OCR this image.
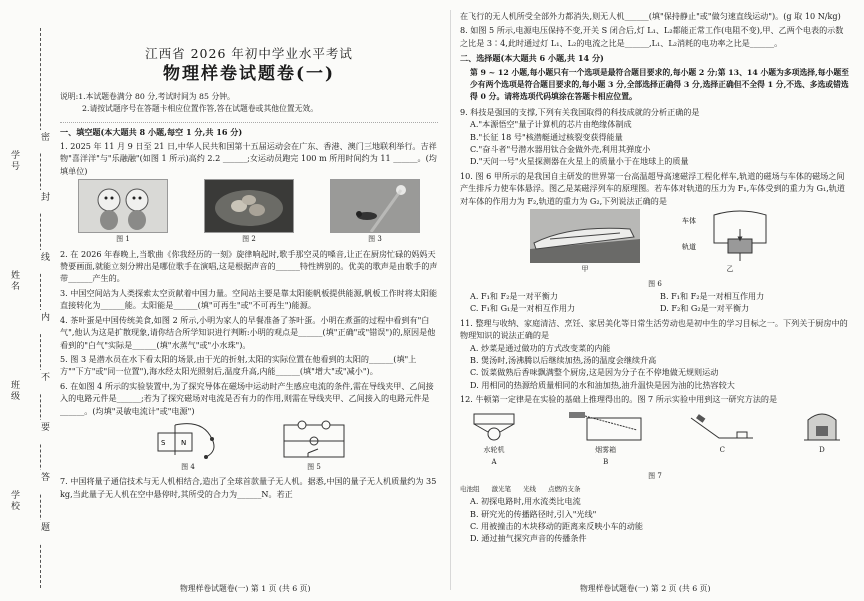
学号
姓名
班级
学校
密
封
线
内
不
要
答
题
江西省 2026 年初中学业水平考试
物理样卷试题卷(一)

说明:1.本试题卷满分 80 分,考试时间为 85 分钟。

2.请按试题序号在答题卡相应位置作答,答在试题卷或其他位置无效。

一、填空题(本大题共 8 小题,每空 1 分,共 16 分)

1. 2025 年 11 月 9 日至 21 日,中华人民共和国第十五届运动会在广东、香港、澳门三地联利举行。吉祥物"喜洋洋"与"乐融融"(如图 1 所示)高约 2.2 ______;女运动员跑完 100 m 所用时间约为 11 ______。(均填单位)

图 1	图 2	图 3

2. 在 2026 年春晚上,当歌曲《你我经历的一刻》旋律响起时,歌手那空灵的嗓音,让正在厨房忙碌的妈妈天赞要画面,就能立刻分辨出是哪位歌手在演唱,这是根据声音的______特性辨别的。优美的歌声是由歌手的声带______产生的。

3. 中国空间站为人类探索太空贡献着中国力量。空间站主要是靠太阳能帆板提供能源,帆板工作时将太阳能直接转化为______能。太阳能是______(填"可再生"或"不可再生")能源。

4. 茶叶蛋是中国传统美食,如图 2 所示,小明为家人的早餐准备了茶叶蛋。小明在煮蛋的过程中看到有"白气",他认为这是扩散现象,请你结合所学知识进行判断:小明的观点是______(填"正确"或"错误")的,原因是他看到的"白气"实际是______(填"水蒸气"或"小水珠")。

5. 图 3 是潜水员在水下看太阳的场景,由于光的折射,太阳的实际位置在他看到的太阳的______(填"上方""下方"或"同一位置"),海水经太阳光照射后,温度升高,内能______(填"增大"或"减小")。

6. 在如图 4 所示的实验装置中,为了探究导体在磁场中运动时产生感应电流的条件,需在导线夹甲、乙间接入的电路元件是______;若为了探究磁场对电流是否有力的作用,则需在导线夹甲、乙间接入的电路元件是______。(均填"灵敏电流计"或"电源")

S N
图 4	图 5

7. 中国将量子通信技术与无人机相结合,造出了全球首款量子无人机。据悉,中国的量子无人机质量约为 35 kg,当此量子无人机在空中悬停时,其所受的合力为______N。若正

在飞行的无人机所受全部外力都消失,则无人机______(填"保持静止"或"做匀速直线运动")。(g 取 10 N/kg)

8. 如图 5 所示,电源电压保持不变,开关 S 闭合后,灯 L₁、L₂都能正常工作(电阻不变),甲、乙两个电表的示数之比是 3∶4,此时通过灯 L₁、L₂的电流之比是______,L₁、L₂消耗的电功率之比是______。

二、选择题(本大题共 6 小题,共 14 分)

第 9 ~ 12 小题,每小题只有一个选项是最符合题目要求的,每小题 2 分;第 13、14 小题为多项选择,每小题至少有两个选项是符合题目要求的,每小题 3 分,全部选择正确得 3 分,选择正确但不全得 1 分,不选、多选或错选得 0 分。请将选项代码填涂在答题卡相应位置。

9. 科技是强国的支撑,下列有关我国取得的科技成就的分析正确的是

A."本源悟空"量子计算机的芯片由绝缘体制成

B."长征 18 号"核潜艇通过核裂变获得能量

C."奋斗者"号潜水器用钛合金做外壳,利用其弹度小

D."天问一号"火星探测器在火星上的质量小于在地球上的质量

10. 图 6 甲所示的是我国自主研发的世界第一台高温超导高速磁浮工程化样车,轨道的磁场与车体的磁场之间产生排斥力使车体悬浮。图乙是某磁浮列车的原理图。若车体对轨道的压力为 F₁,车体受到的重力为 G₁,轨道对车体的作用力为 F₂,轨道的重力为 G₂,下列说法正确的是

甲
车体
轨道
乙
图 6

A. F₁和 F₂是一对平衡力	B. F₁和 F₂是一对相互作用力

C. F₁和 G₁是一对相互作用力	D. F₂和 G₂是一对平衡力

11. 整理与收纳、家庭清洁、烹饪、家居美化等日常生活劳动也是初中生的学习目标之一。下列关于厨房中的物理知识的说法正确的是

A. 炒菜是通过做功的方式改变菜的内能

B. 煲汤时,汤沸腾以后继续加热,汤的温度会继续升高

C. 饭菜做熟后香味飘满整个厨房,这是因为分子在不停地做无规则运动

D. 用相同的热源给质量相同的水和油加热,油升温快是因为油的比热容较大

12. 牛顿第一定律是在实验的基础上推理得出的。图 7 所示实验中用到这一研究方法的是

水轮机
A
烟雾箱
B
C	D
图 7
电池组 激光笔 光线 点燃的支条

A. 初探电路时,用水流类比电流

B. 研究光的传播路径时,引入"光线"

C. 用被撞击的木块移动的距离来反映小车的动能

D. 通过抽气探究声音的传播条件

物理样卷试题卷(一) 第 1 页 (共 6 页)	物理样卷试题卷(一) 第 2 页 (共 6 页)
